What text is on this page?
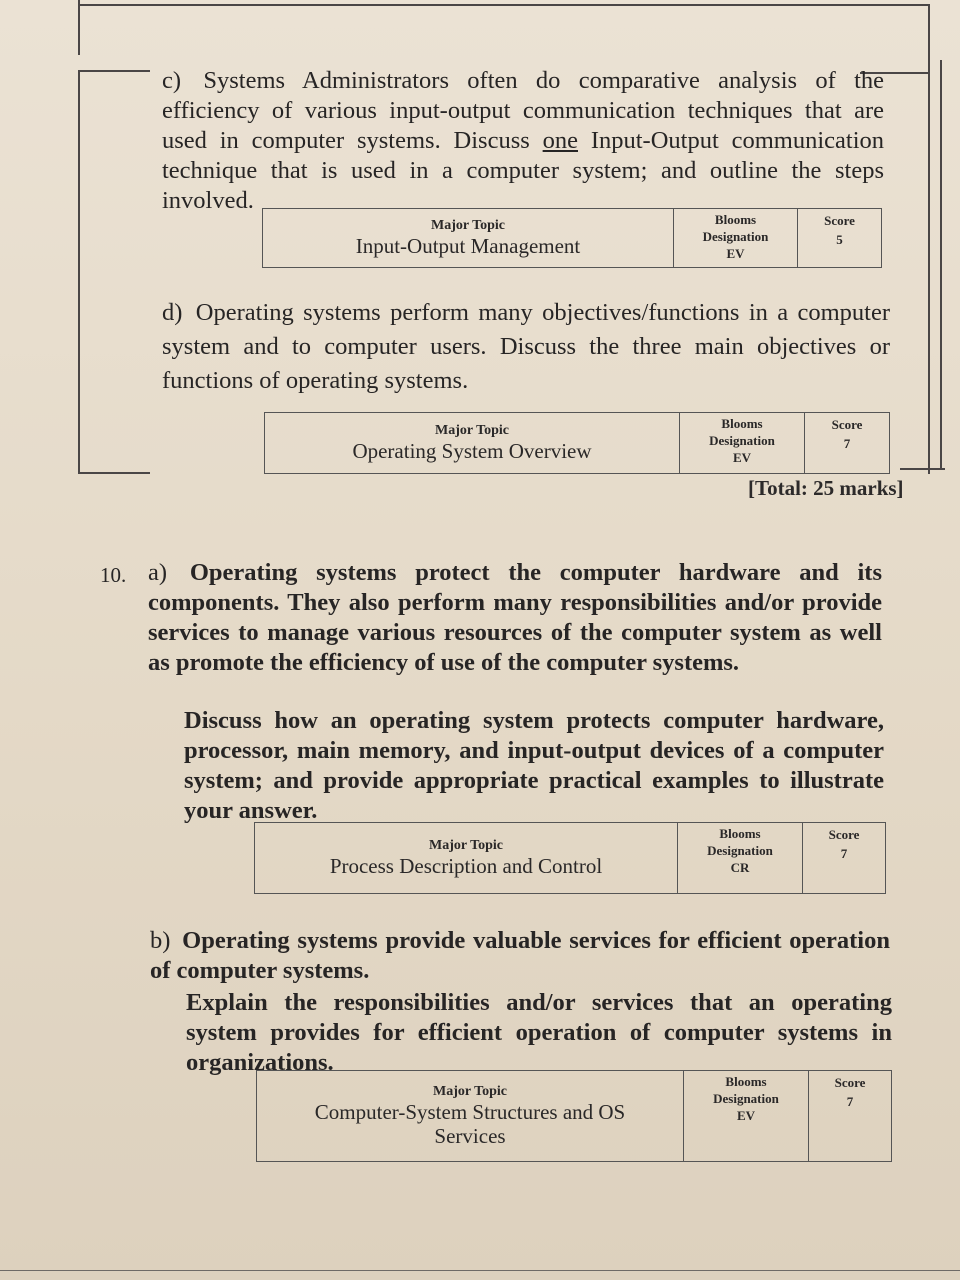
c) Systems Administrators often do comparative analysis of the efficiency of various input-output communication techniques that are used in computer systems. Discuss one Input-Output communication technique that is used in a computer system; and outline the steps involved.
Major Topic
Input-Output Management
Blooms
Designation
EV
Score
5
d) Operating systems perform many objectives/functions in a computer system and to computer users. Discuss the three main objectives or functions of operating systems.
Major Topic
Operating System Overview
Blooms
Designation
EV
Score
7
[Total: 25 marks]
10. a) Operating systems protect the computer hardware and its components. They also perform many responsibilities and/or provide services to manage various resources of the computer system as well as promote the efficiency of use of the computer systems.
Discuss how an operating system protects computer hardware, processor, main memory, and input-output devices of a computer system; and provide appropriate practical examples to illustrate your answer.
Major Topic
Process Description and Control
Blooms
Designation
CR
Score
7
b) Operating systems provide valuable services for efficient operation of computer systems.
Explain the responsibilities and/or services that an operating system provides for efficient operation of computer systems in organizations.
Major Topic
Computer-System Structures and OS Services
Blooms
Designation
EV
Score
7
